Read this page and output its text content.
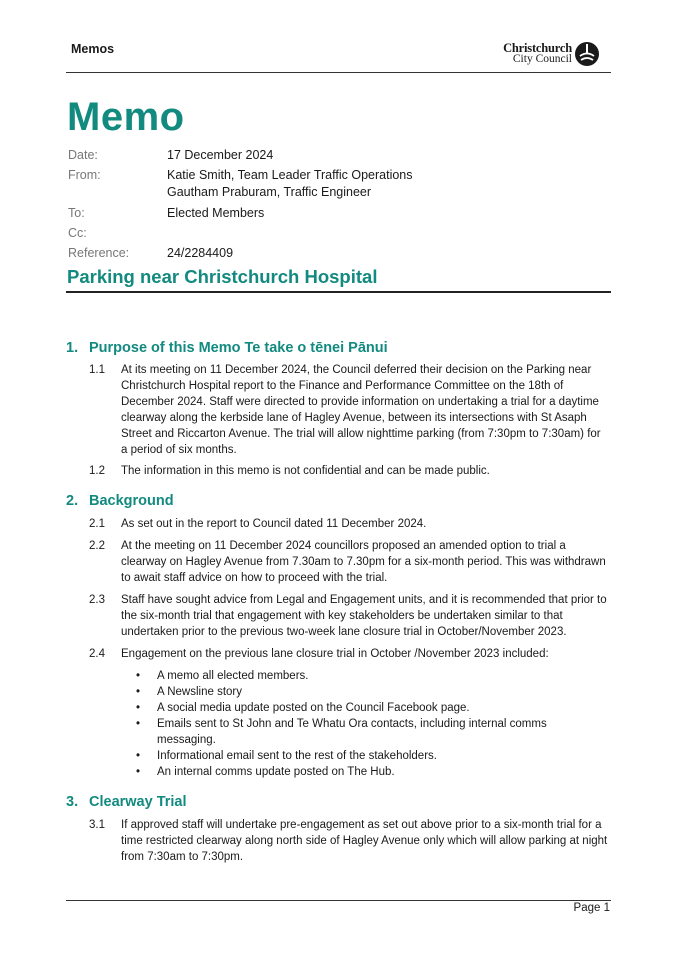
Memos	Christchurch
City Council
Memo
Date:	17 December 2024
From:	Katie Smith, Team Leader Traffic Operations
Gautham Praburam, Traffic Engineer
To:	Elected Members
Cc:
Reference:	24/2284409
Parking near Christchurch Hospital
1. Purpose of this Memo Te take o tēnei Pānui
1.1 At its meeting on 11 December 2024, the Council deferred their decision on the Parking near Christchurch Hospital report to the Finance and Performance Committee on the 18th of December 2024. Staff were directed to provide information on undertaking a trial for a daytime clearway along the kerbside lane of Hagley Avenue, between its intersections with St Asaph Street and Riccarton Avenue. The trial will allow nighttime parking (from 7:30pm to 7:30am) for a period of six months.
1.2 The information in this memo is not confidential and can be made public.
2. Background
2.1 As set out in the report to Council dated 11 December 2024.
2.2 At the meeting on 11 December 2024 councillors proposed an amended option to trial a clearway on Hagley Avenue from 7.30am to 7.30pm for a six-month period. This was withdrawn to await staff advice on how to proceed with the trial.
2.3 Staff have sought advice from Legal and Engagement units, and it is recommended that prior to the six-month trial that engagement with key stakeholders be undertaken similar to that undertaken prior to the previous two-week lane closure trial in October/November 2023.
2.4 Engagement on the previous lane closure trial in October /November 2023 included:
• A memo all elected members.
• A Newsline story
• A social media update posted on the Council Facebook page.
• Emails sent to St John and Te Whatu Ora contacts, including internal comms messaging.
• Informational email sent to the rest of the stakeholders.
• An internal comms update posted on The Hub.
3. Clearway Trial
3.1 If approved staff will undertake pre-engagement as set out above prior to a six-month trial for a time restricted clearway along north side of Hagley Avenue only which will allow parking at night from 7:30am to 7:30pm.
Page 1
